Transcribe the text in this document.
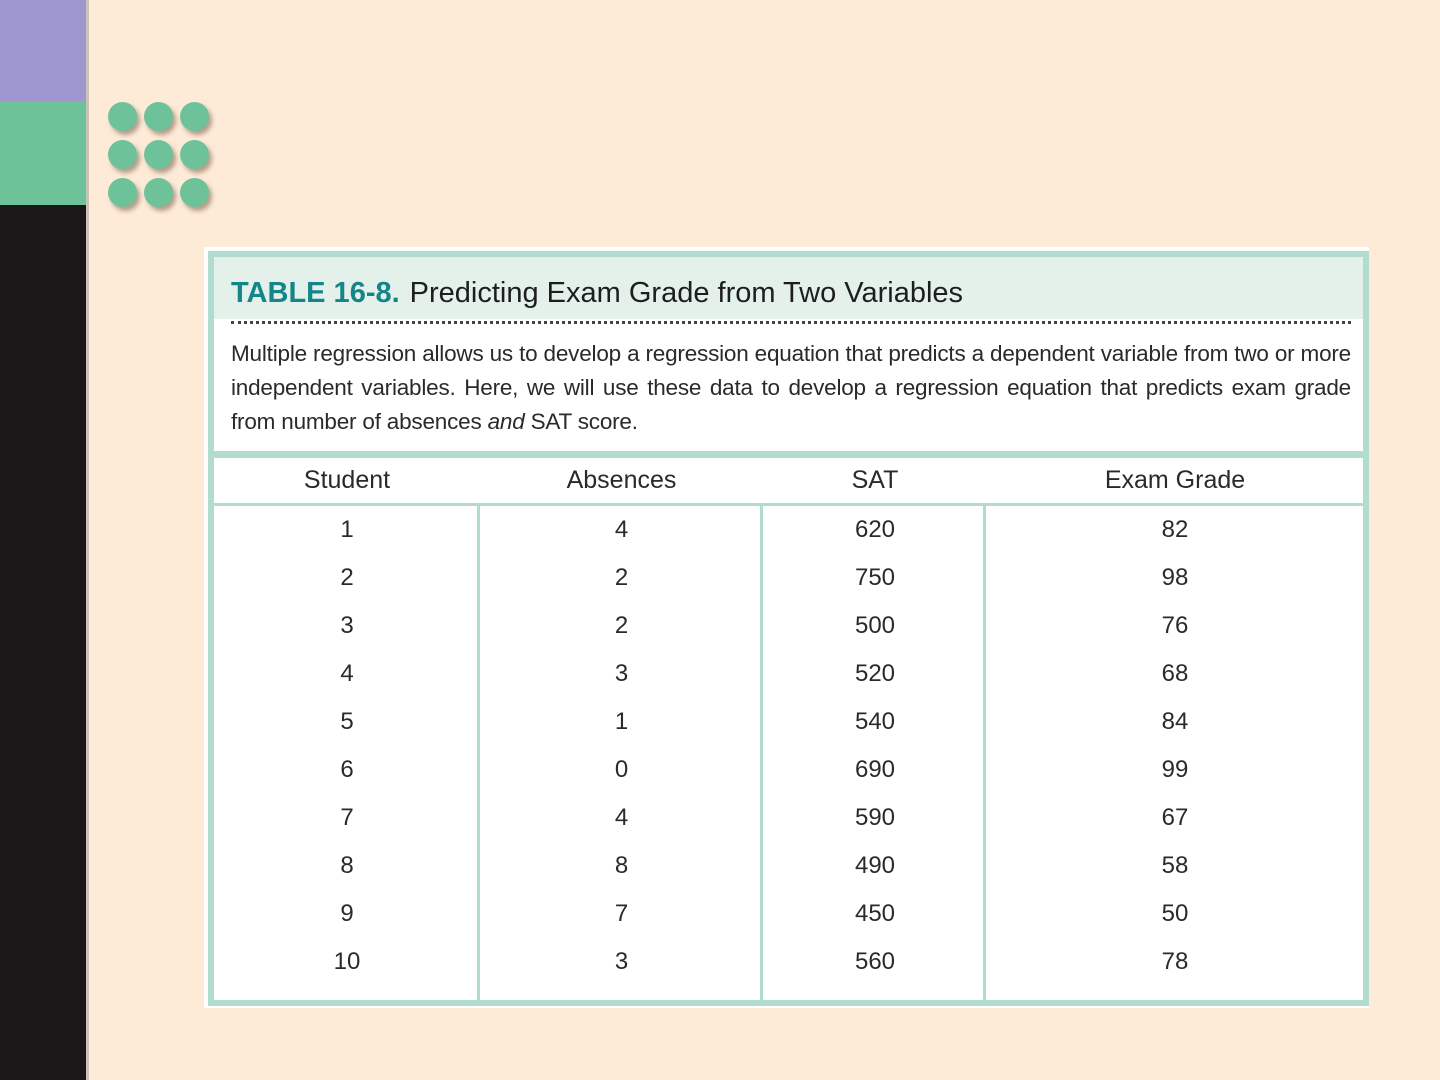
TABLE 16-8. Predicting Exam Grade from Two Variables
Multiple regression allows us to develop a regression equation that predicts a dependent variable from two or more independent variables. Here, we will use these data to develop a regression equation that predicts exam grade from number of absences and SAT score.
Student	Absences	SAT	Exam Grade
1	4	620	82
2	2	750	98
3	2	500	76
4	3	520	68
5	1	540	84
6	0	690	99
7	4	590	67
8	8	490	58
9	7	450	50
10	3	560	78
